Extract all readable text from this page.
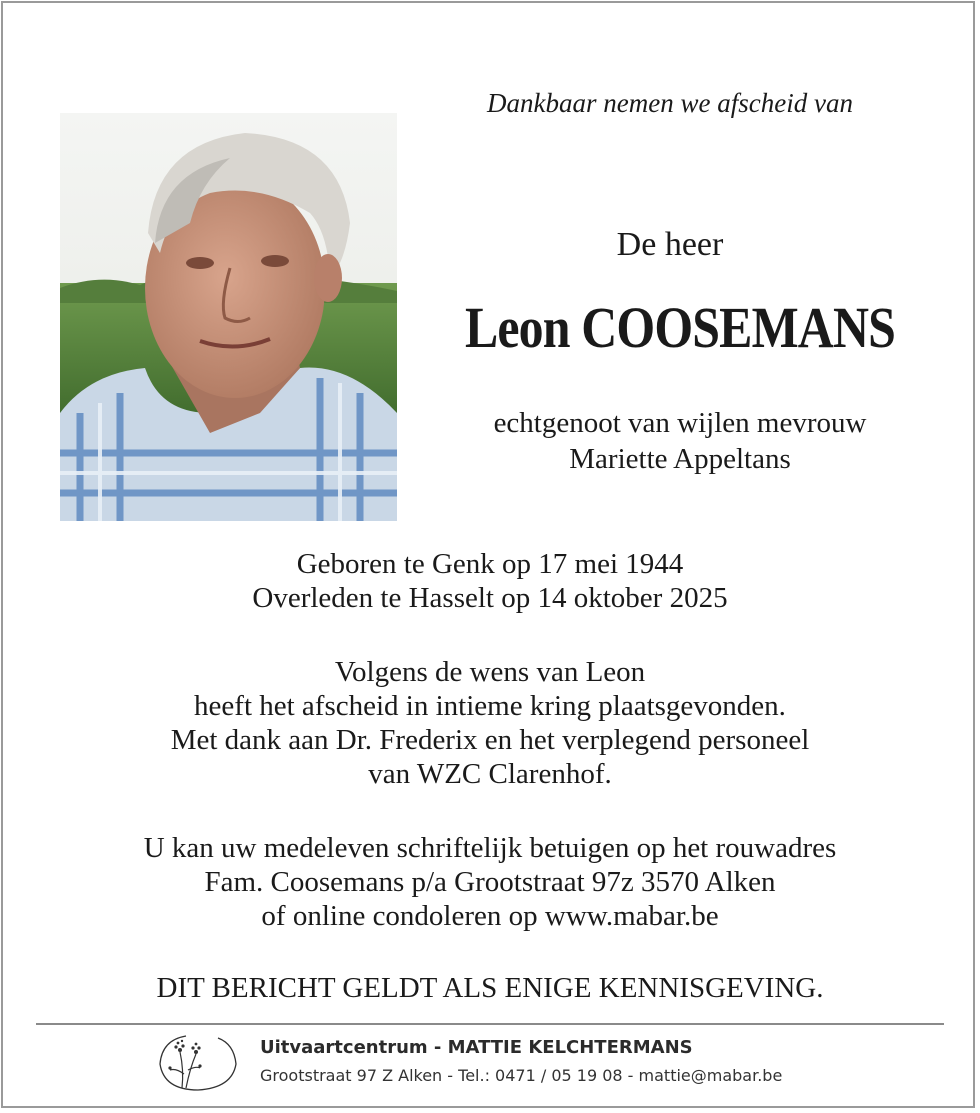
Dankbaar nemen we afscheid van
De heer
Leon COOSEMANS
echtgenoot van wijlen mevrouw
Mariette Appeltans
Geboren te Genk op 17 mei 1944
Overleden te Hasselt op 14 oktober 2025
Volgens de wens van Leon
heeft het afscheid in intieme kring plaatsgevonden.
Met dank aan Dr. Frederix en het verplegend personeel
van WZC Clarenhof.
U kan uw medeleven schriftelijk betuigen op het rouwadres
Fam. Coosemans p/a Grootstraat 97z 3570 Alken
of online condoleren op www.mabar.be
DIT BERICHT GELDT ALS ENIGE KENNISGEVING.
Uitvaartcentrum - MATTIE KELCHTERMANS
Grootstraat 97 Z Alken - Tel.: 0471 / 05 19 08 - mattie@mabar.be
